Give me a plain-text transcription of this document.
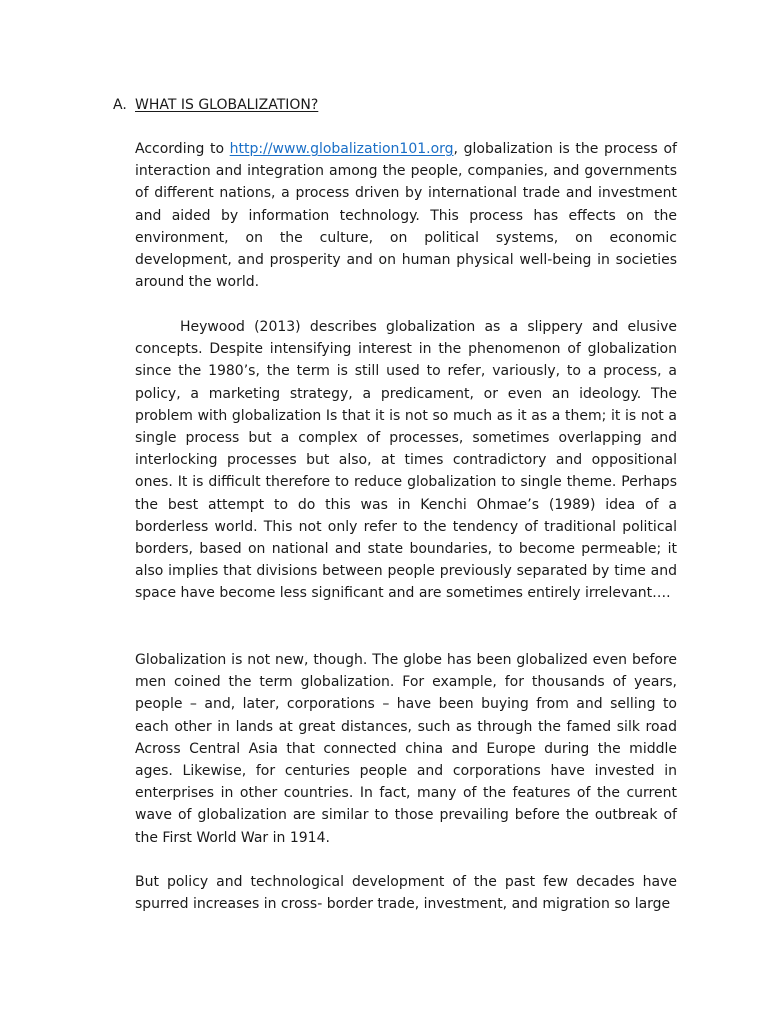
A. WHAT IS GLOBALIZATION?

According to http://www.globalization101.org, globalization is the process of interaction and integration among the people, companies, and governments of different nations, a process driven by international trade and investment and aided by information technology. This process has effects on the environment, on the culture, on political systems, on economic development, and prosperity and on human physical well-being in societies around the world.

Heywood (2013) describes globalization as a slippery and elusive concepts. Despite intensifying interest in the phenomenon of globalization since the 1980’s, the term is still used to refer, variously, to a process, a policy, a marketing strategy, a predicament, or even an ideology. The problem with globalization Is that it is not so much as it as a them; it is not a single process but a complex of processes, sometimes overlapping and interlocking processes but also, at times contradictory and oppositional ones. It is difficult therefore to reduce globalization to single theme. Perhaps the best attempt to do this was in Kenchi Ohmae’s (1989) idea of a borderless world. This not only refer to the tendency of traditional political borders, based on national and state boundaries, to become permeable; it also implies that divisions between people previously separated by time and space have become less significant and are sometimes entirely irrelevant….

Globalization is not new, though. The globe has been globalized even before men coined the term globalization. For example, for thousands of years, people – and, later, corporations – have been buying from and selling to each other in lands at great distances, such as through the famed silk road Across Central Asia that connected china and Europe during the middle ages. Likewise, for centuries people and corporations have invested in enterprises in other countries. In fact, many of the features of the current wave of globalization are similar to those prevailing before the outbreak of the First World War in 1914.

But policy and technological development of the past few decades have spurred increases in cross- border trade, investment, and migration so large
